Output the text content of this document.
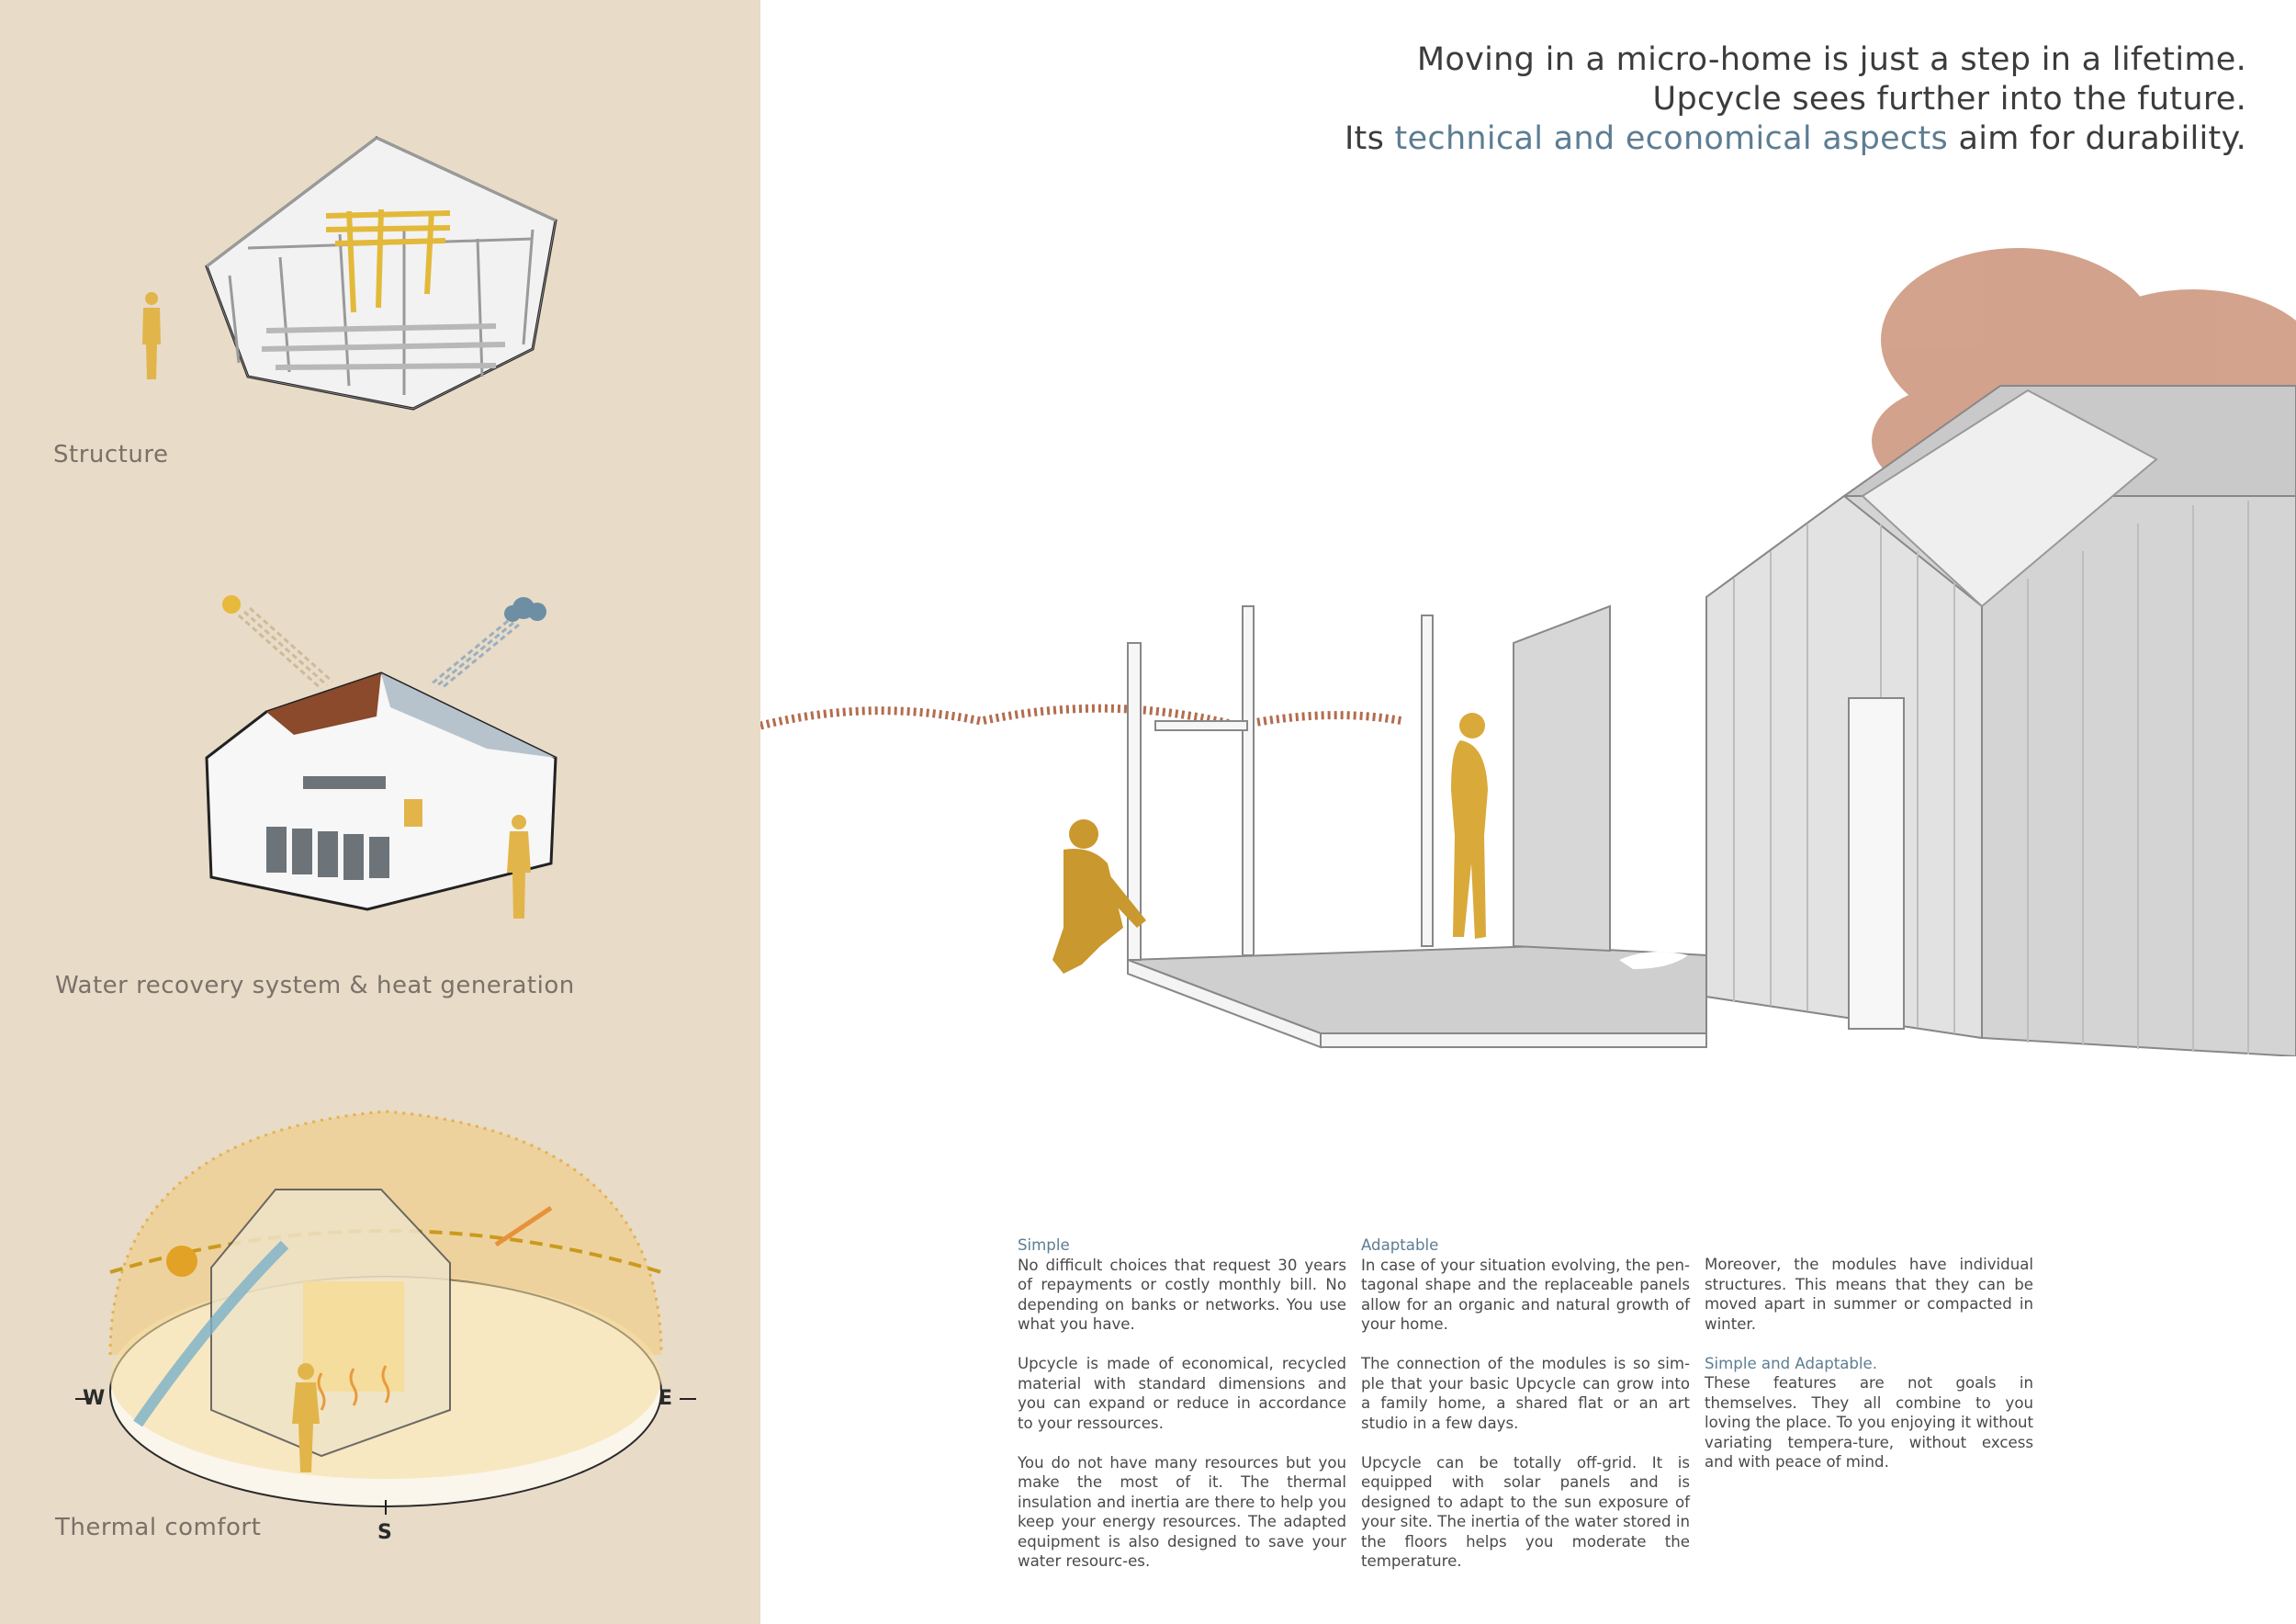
Structure
Water recovery system & heat generation
W	E
S
Thermal comfort
Moving in a micro-home is just a step in a lifetime.
Upcycle sees further into the future.
Its technical and economical aspects aim for durability.

Simple
No difficult choices that request 30 years of repayments or costly monthly bill. No depending on banks or networks. You use what you have.

Upcycle is made of economical, recycled material with standard dimensions and you can expand or reduce in accordance to your ressources.

You do not have many resources but you make the most of it. The thermal insulation and inertia are there to help you keep your energy resources. The adapted equipment is also designed to save your water resourc-es.

Adaptable
In case of your situation evolving, the pen-tagonal shape and the replaceable panels allow for an organic and natural growth of your home.

The connection of the modules is so sim-ple that your basic Upcycle can grow into a family home, a shared flat or an art studio in a few days.

Upcycle can be totally off-grid. It is equipped with solar panels and is designed to adapt to the sun exposure of your site. The inertia of the water stored in the floors helps you moderate the temperature.

Moreover, the modules have individual structures. This means that they can be moved apart in summer or compacted in winter.

Simple and Adaptable.
These features are not goals in themselves. They all combine to you loving the place. To you enjoying it without variating tempera-ture, without excess and with peace of mind.
